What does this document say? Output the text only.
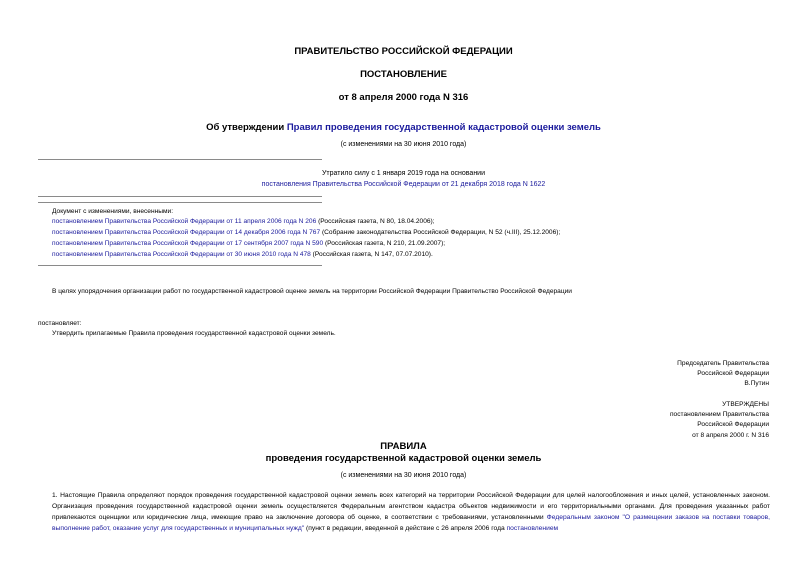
ПРАВИТЕЛЬСТВО РОССИЙСКОЙ ФЕДЕРАЦИИ
ПОСТАНОВЛЕНИЕ
от 8 апреля 2000 года N 316
Об утверждении Правил проведения государственной кадастровой оценки земель
(с изменениями на 30 июня 2010 года)
Утратило силу с 1 января 2019 года на основании
постановления Правительства Российской Федерации от 21 декабря 2018 года N 1622
Документ с изменениями, внесенными:
постановлением Правительства Российской Федерации от 11 апреля 2006 года N 206 (Российская газета, N 80, 18.04.2006);
постановлением Правительства Российской Федерации от 14 декабря 2006 года N 767 (Собрание законодательства Российской Федерации, N 52 (ч.III), 25.12.2006);
постановлением Правительства Российской Федерации от 17 сентября 2007 года N 590 (Российская газета, N 210, 21.09.2007);
постановлением Правительства Российской Федерации от 30 июня 2010 года N 478 (Российская газета, N 147, 07.07.2010).
В целях упорядочения организации работ по государственной кадастровой оценке земель на территории Российской Федерации Правительство Российской Федерации
постановляет:
Утвердить прилагаемые Правила проведения государственной кадастровой оценки земель.
Председатель Правительства
Российской Федерации
В.Путин
УТВЕРЖДЕНЫ
постановлением Правительства
Российской Федерации
от 8 апреля 2000 г. N 316
ПРАВИЛА
проведения государственной кадастровой оценки земель
(с изменениями на 30 июня 2010 года)
1. Настоящие Правила определяют порядок проведения государственной кадастровой оценки земель всех категорий на территории Российской Федерации для целей налогообложения и иных целей, установленных законом. Организация проведения государственной кадастровой оценки земель осуществляется Федеральным агентством кадастра объектов недвижимости и его территориальными органами. Для проведения указанных работ привлекаются оценщики или юридические лица, имеющие право на заключение договора об оценке, в соответствии с требованиями, установленными Федеральным законом "О размещении заказов на поставки товаров, выполнение работ, оказание услуг для государственных и муниципальных нужд" (пункт в редакции, введенной в действие с 26 апреля 2006 года постановлением
